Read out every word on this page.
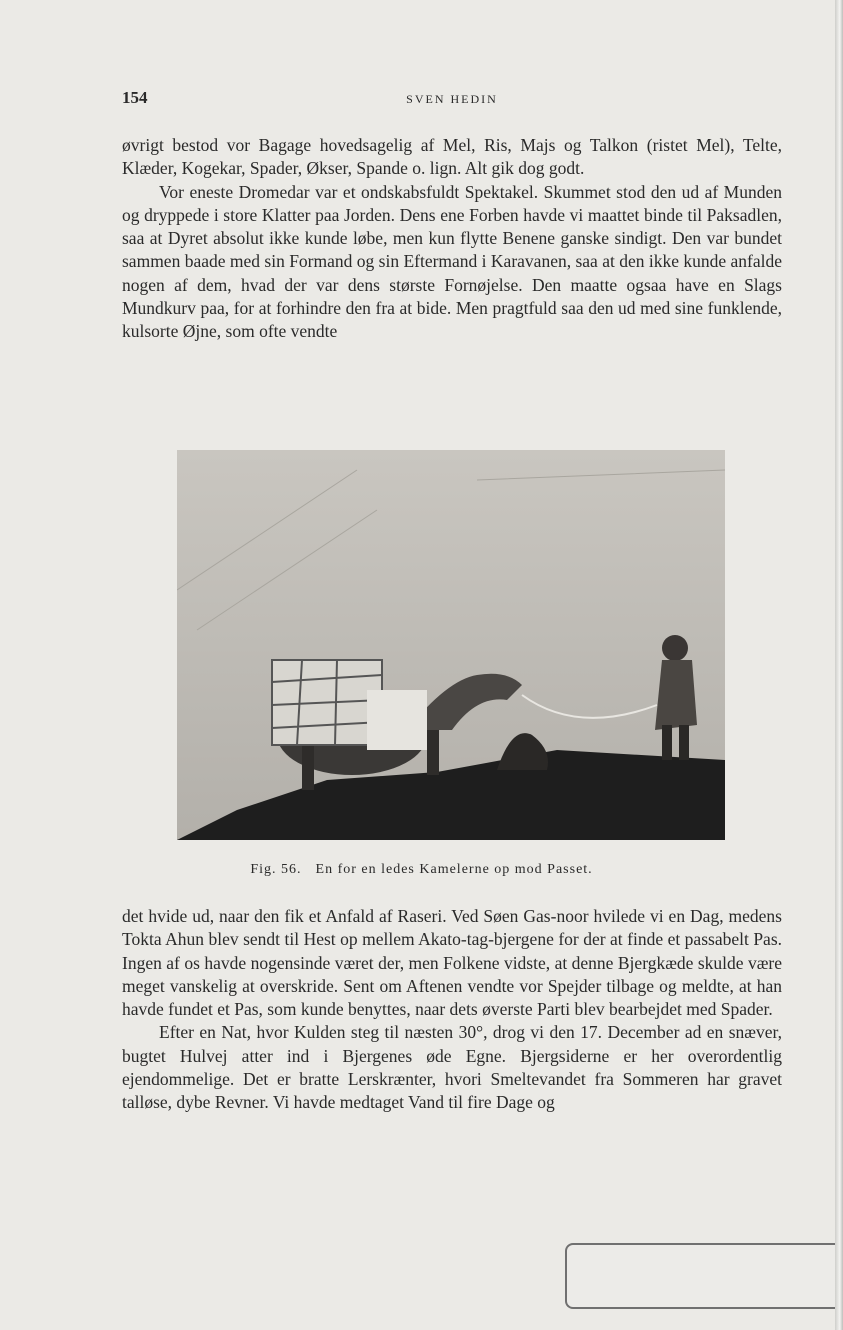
154	SVEN HEDIN

øvrigt bestod vor Bagage hovedsagelig af Mel, Ris, Majs og Talkon (ristet Mel), Telte, Klæder, Kogekar, Spader, Økser, Spande o. lign. Alt gik dog godt.

Vor eneste Dromedar var et ondskabsfuldt Spektakel. Skummet stod den ud af Munden og dryppede i store Klatter paa Jorden. Dens ene Forben havde vi maattet binde til Paksadlen, saa at Dyret absolut ikke kunde løbe, men kun flytte Benene ganske sindigt. Den var bundet sammen baade med sin Formand og sin Eftermand i Karavanen, saa at den ikke kunde anfalde nogen af dem, hvad der var dens største Fornøjelse. Den maatte ogsaa have en Slags Mundkurv paa, for at forhindre den fra at bide. Men pragtfuld saa den ud med sine funklende, kulsorte Øjne, som ofte vendte

Fig. 56. En for en ledes Kamelerne op mod Passet.

det hvide ud, naar den fik et Anfald af Raseri. Ved Søen Gas-noor hvilede vi en Dag, medens Tokta Ahun blev sendt til Hest op mellem Akato-tag-bjergene for der at finde et passabelt Pas. Ingen af os havde nogensinde været der, men Folkene vidste, at denne Bjergkæde skulde være meget vanskelig at overskride. Sent om Aftenen vendte vor Spejder tilbage og meldte, at han havde fundet et Pas, som kunde benyttes, naar dets øverste Parti blev bearbejdet med Spader.

Efter en Nat, hvor Kulden steg til næsten 30°, drog vi den 17. December ad en snæver, bugtet Hulvej atter ind i Bjergenes øde Egne. Bjergsiderne er her overordentlig ejendommelige. Det er bratte Lerskrænter, hvori Smeltevandet fra Sommeren har gravet talløse, dybe Revner. Vi havde medtaget Vand til fire Dage og
